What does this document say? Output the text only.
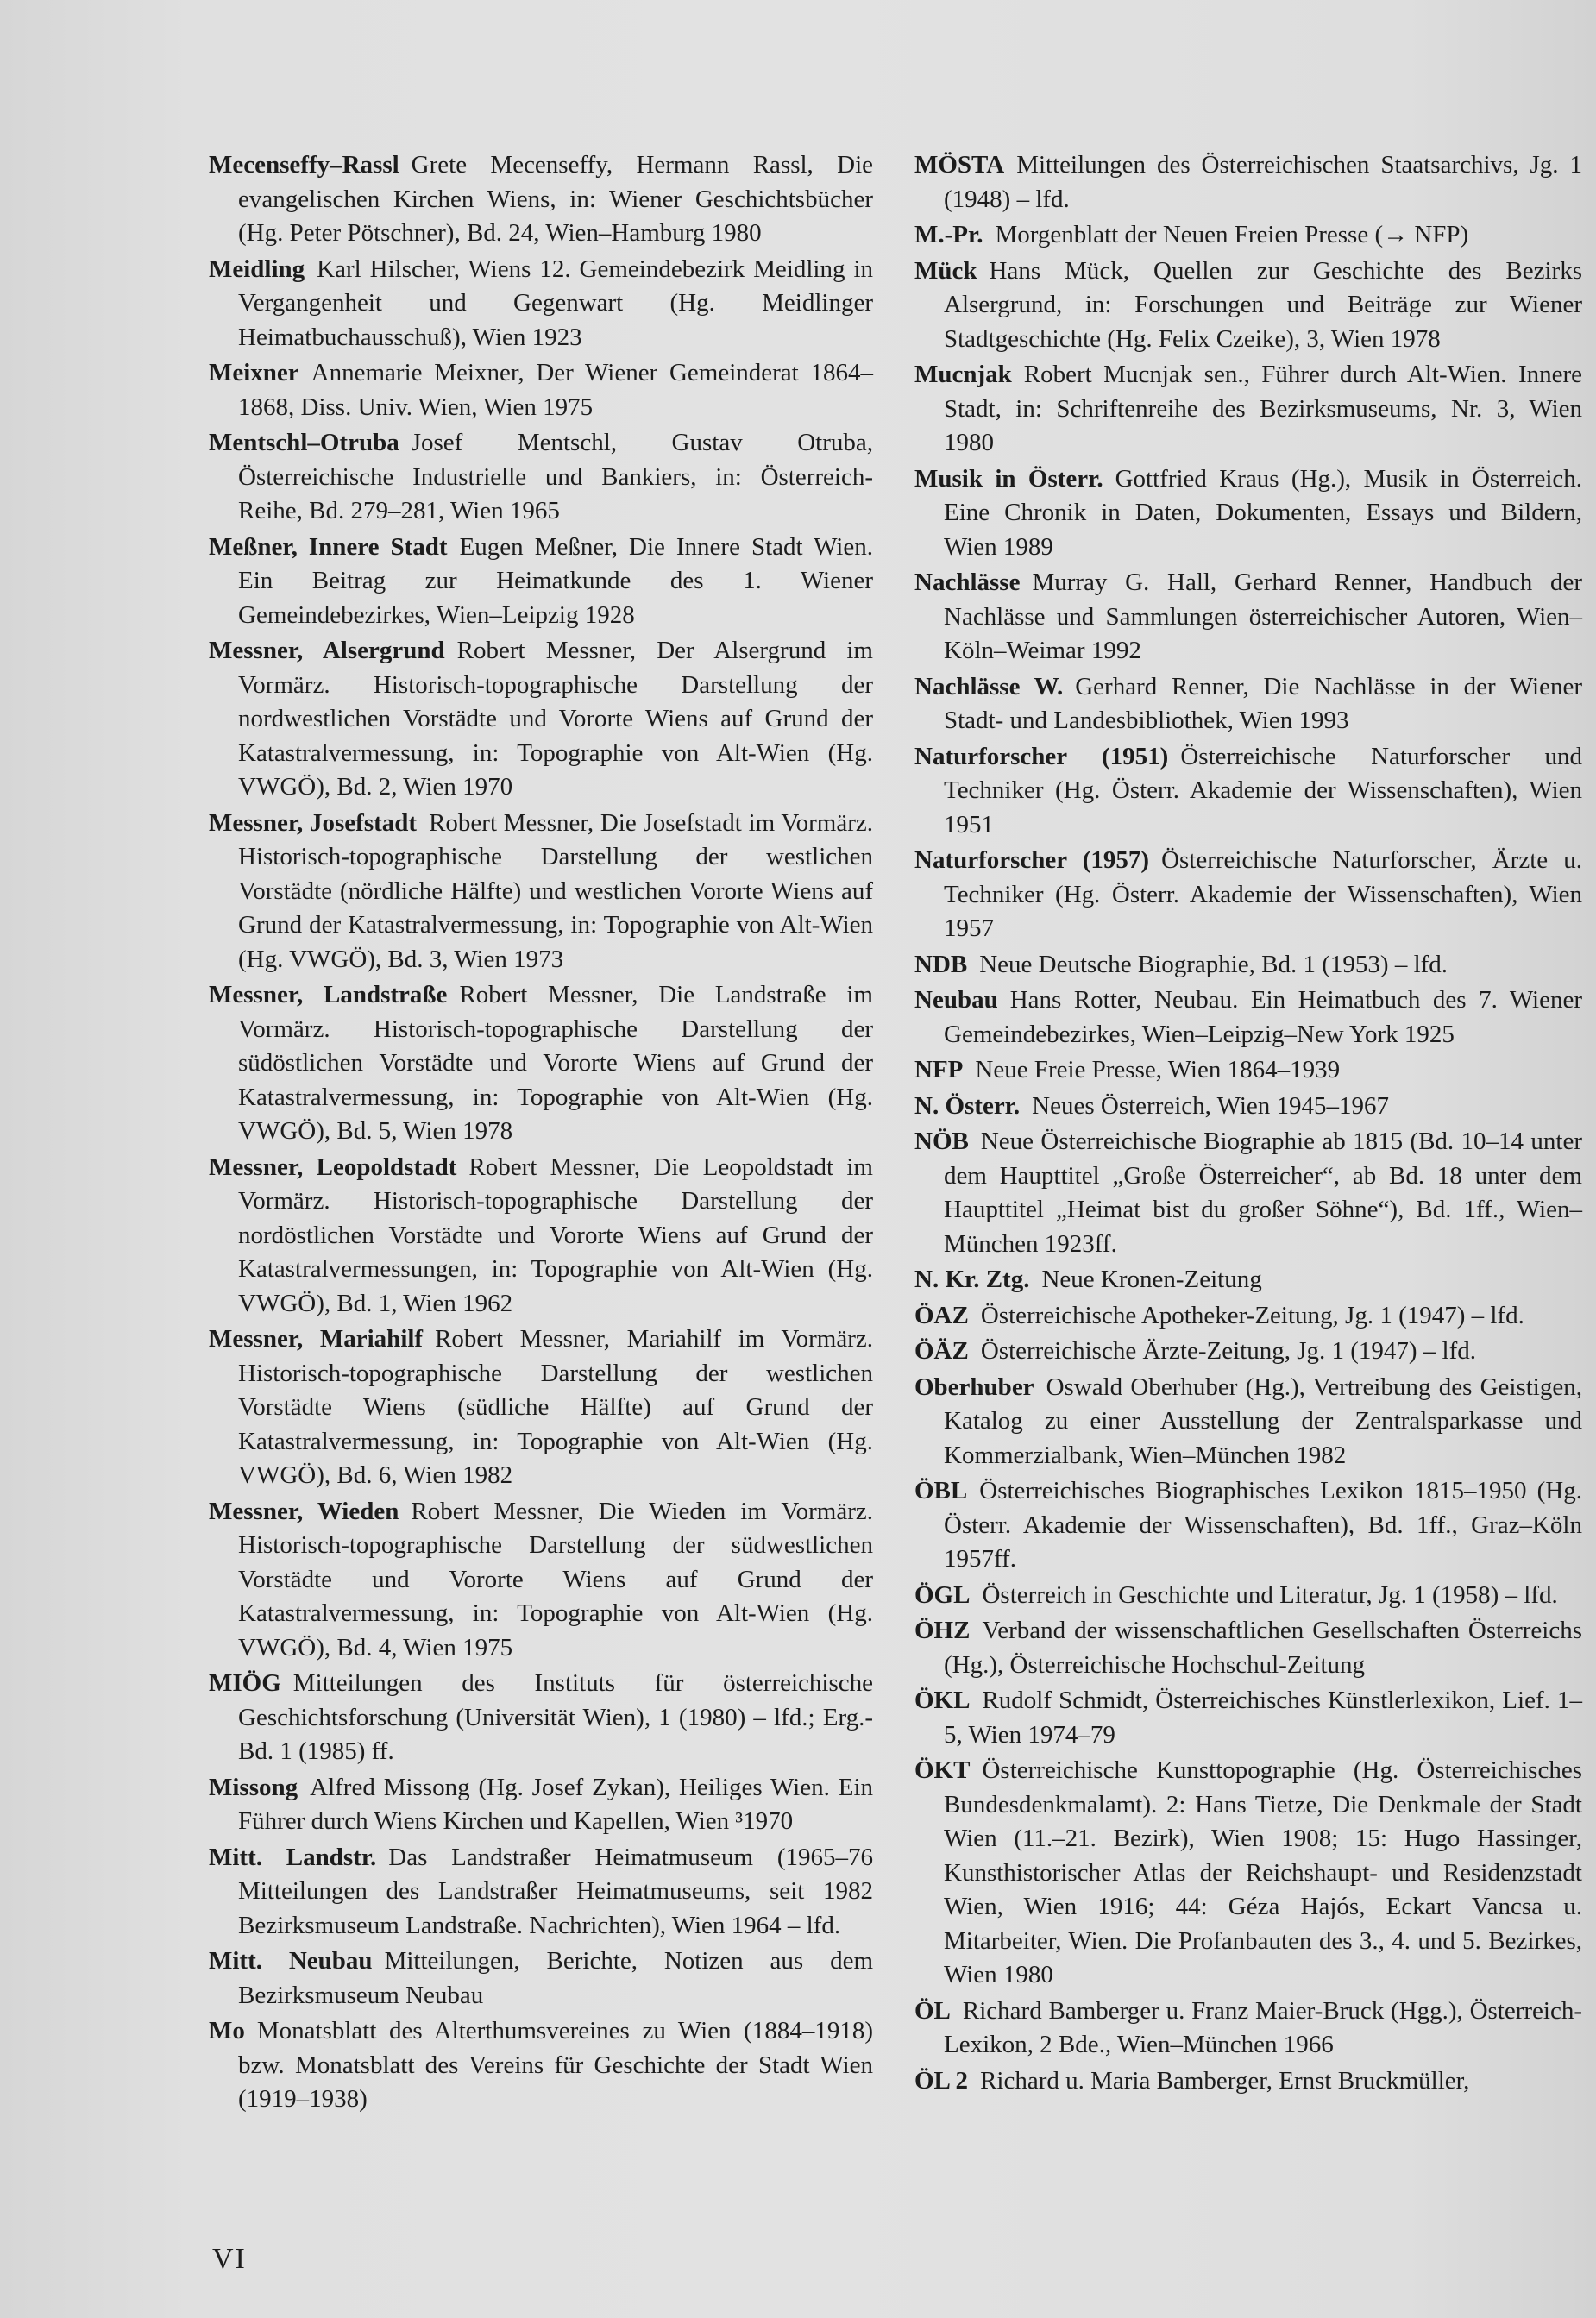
Mecenseffy–Rassl Grete Mecenseffy, Hermann Rassl, Die evangelischen Kirchen Wiens, in: Wiener Geschichtsbücher (Hg. Peter Pötschner), Bd. 24, Wien–Hamburg 1980

Meidling Karl Hilscher, Wiens 12. Gemeindebezirk Meidling in Vergangenheit und Gegenwart (Hg. Meidlinger Heimatbuchausschuß), Wien 1923

Meixner Annemarie Meixner, Der Wiener Gemeinderat 1864–1868, Diss. Univ. Wien, Wien 1975

Mentschl–Otruba Josef Mentschl, Gustav Otruba, Österreichische Industrielle und Bankiers, in: Österreich-Reihe, Bd. 279–281, Wien 1965

Meßner, Innere Stadt Eugen Meßner, Die Innere Stadt Wien. Ein Beitrag zur Heimatkunde des 1. Wiener Gemeindebezirkes, Wien–Leipzig 1928

Messner, Alsergrund Robert Messner, Der Alsergrund im Vormärz. Historisch-topographische Darstellung der nordwestlichen Vorstädte und Vororte Wiens auf Grund der Katastralvermessung, in: Topographie von Alt-Wien (Hg. VWGÖ), Bd. 2, Wien 1970

Messner, Josefstadt Robert Messner, Die Josefstadt im Vormärz. Historisch-topographische Darstellung der westlichen Vorstädte (nördliche Hälfte) und westlichen Vororte Wiens auf Grund der Katastralvermessung, in: Topographie von Alt-Wien (Hg. VWGÖ), Bd. 3, Wien 1973

Messner, Landstraße Robert Messner, Die Landstraße im Vormärz. Historisch-topographische Darstellung der südöstlichen Vorstädte und Vororte Wiens auf Grund der Katastralvermessung, in: Topographie von Alt-Wien (Hg. VWGÖ), Bd. 5, Wien 1978

Messner, Leopoldstadt Robert Messner, Die Leopoldstadt im Vormärz. Historisch-topographische Darstellung der nordöstlichen Vorstädte und Vororte Wiens auf Grund der Katastralvermessungen, in: Topographie von Alt-Wien (Hg. VWGÖ), Bd. 1, Wien 1962

Messner, Mariahilf Robert Messner, Mariahilf im Vormärz. Historisch-topographische Darstellung der westlichen Vorstädte Wiens (südliche Hälfte) auf Grund der Katastralvermessung, in: Topographie von Alt-Wien (Hg. VWGÖ), Bd. 6, Wien 1982

Messner, Wieden Robert Messner, Die Wieden im Vormärz. Historisch-topographische Darstellung der südwestlichen Vorstädte und Vororte Wiens auf Grund der Katastralvermessung, in: Topographie von Alt-Wien (Hg. VWGÖ), Bd. 4, Wien 1975

MIÖG Mitteilungen des Instituts für österreichische Geschichtsforschung (Universität Wien), 1 (1980) – lfd.; Erg.-Bd. 1 (1985) ff.

Missong Alfred Missong (Hg. Josef Zykan), Heiliges Wien. Ein Führer durch Wiens Kirchen und Kapellen, Wien ³1970

Mitt. Landstr. Das Landstraßer Heimatmuseum (1965–76 Mitteilungen des Landstraßer Heimatmuseums, seit 1982 Bezirksmuseum Landstraße. Nachrichten), Wien 1964 – lfd.

Mitt. Neubau Mitteilungen, Berichte, Notizen aus dem Bezirksmuseum Neubau

Mo Monatsblatt des Alterthumsvereines zu Wien (1884–1918) bzw. Monatsblatt des Vereins für Geschichte der Stadt Wien (1919–1938)

MÖSTA Mitteilungen des Österreichischen Staatsarchivs, Jg. 1 (1948) – lfd.

M.-Pr. Morgenblatt der Neuen Freien Presse (→ NFP)

Mück Hans Mück, Quellen zur Geschichte des Bezirks Alsergrund, in: Forschungen und Beiträge zur Wiener Stadtgeschichte (Hg. Felix Czeike), 3, Wien 1978

Mucnjak Robert Mucnjak sen., Führer durch Alt-Wien. Innere Stadt, in: Schriftenreihe des Bezirksmuseums, Nr. 3, Wien 1980

Musik in Österr. Gottfried Kraus (Hg.), Musik in Österreich. Eine Chronik in Daten, Dokumenten, Essays und Bildern, Wien 1989

Nachlässe Murray G. Hall, Gerhard Renner, Handbuch der Nachlässe und Sammlungen österreichischer Autoren, Wien–Köln–Weimar 1992

Nachlässe W. Gerhard Renner, Die Nachlässe in der Wiener Stadt- und Landesbibliothek, Wien 1993

Naturforscher (1951) Österreichische Naturforscher und Techniker (Hg. Österr. Akademie der Wissenschaften), Wien 1951

Naturforscher (1957) Österreichische Naturforscher, Ärzte u. Techniker (Hg. Österr. Akademie der Wissenschaften), Wien 1957

NDB Neue Deutsche Biographie, Bd. 1 (1953) – lfd.

Neubau Hans Rotter, Neubau. Ein Heimatbuch des 7. Wiener Gemeindebezirkes, Wien–Leipzig–New York 1925

NFP Neue Freie Presse, Wien 1864–1939

N. Österr. Neues Österreich, Wien 1945–1967

NÖB Neue Österreichische Biographie ab 1815 (Bd. 10–14 unter dem Haupttitel „Große Österreicher“, ab Bd. 18 unter dem Haupttitel „Heimat bist du großer Söhne“), Bd. 1ff., Wien–München 1923ff.

N. Kr. Ztg. Neue Kronen-Zeitung

ÖAZ Österreichische Apotheker-Zeitung, Jg. 1 (1947) – lfd.

ÖÄZ Österreichische Ärzte-Zeitung, Jg. 1 (1947) – lfd.

Oberhuber Oswald Oberhuber (Hg.), Vertreibung des Geistigen, Katalog zu einer Ausstellung der Zentralsparkasse und Kommerzialbank, Wien–München 1982

ÖBL Österreichisches Biographisches Lexikon 1815–1950 (Hg. Österr. Akademie der Wissenschaften), Bd. 1ff., Graz–Köln 1957ff.

ÖGL Österreich in Geschichte und Literatur, Jg. 1 (1958) – lfd.

ÖHZ Verband der wissenschaftlichen Gesellschaften Österreichs (Hg.), Österreichische Hochschul-Zeitung

ÖKL Rudolf Schmidt, Österreichisches Künstlerlexikon, Lief. 1–5, Wien 1974–79

ÖKT Österreichische Kunsttopographie (Hg. Österreichisches Bundesdenkmalamt). 2: Hans Tietze, Die Denkmale der Stadt Wien (11.–21. Bezirk), Wien 1908; 15: Hugo Hassinger, Kunsthistorischer Atlas der Reichshaupt- und Residenzstadt Wien, Wien 1916; 44: Géza Hajós, Eckart Vancsa u. Mitarbeiter, Wien. Die Profanbauten des 3., 4. und 5. Bezirkes, Wien 1980

ÖL Richard Bamberger u. Franz Maier-Bruck (Hgg.), Österreich-Lexikon, 2 Bde., Wien–München 1966

ÖL 2 Richard u. Maria Bamberger, Ernst Bruckmüller,

VI
